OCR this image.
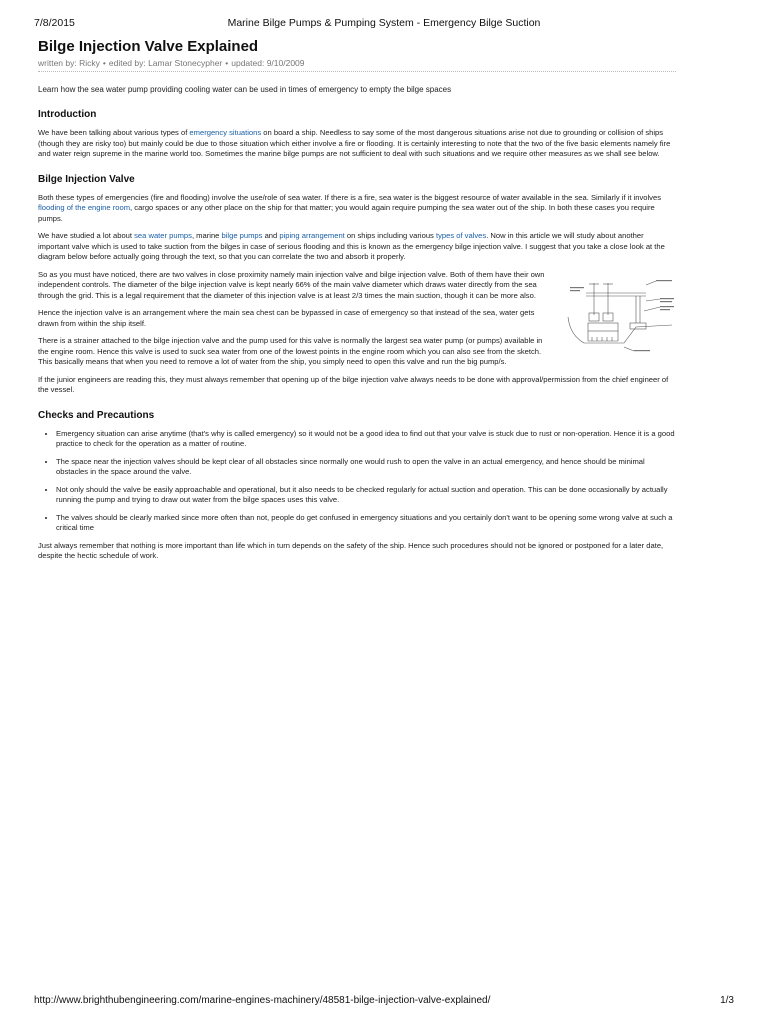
7/8/2015	Marine Bilge Pumps & Pumping System - Emergency Bilge Suction
Bilge Injection Valve Explained
written by: Ricky • edited by: Lamar Stonecypher • updated: 9/10/2009
Learn how the sea water pump providing cooling water can be used in times of emergency to empty the bilge spaces
Introduction

We have been talking about various types of emergency situations on board a ship. Needless to say some of the most dangerous situations arise not due to grounding or collision of ships (though they are risky too) but mainly could be due to those situation which either involve a fire or flooding. It is certainly interesting to note that the two of the five basic elements namely fire and water reign supreme in the marine world too. Sometimes the marine bilge pumps are not sufficient to deal with such situations and we require other measures as we shall see below.

Bilge Injection Valve

Both these types of emergencies (fire and flooding) involve the use/role of sea water. If there is a fire, sea water is the biggest resource of water available in the sea. Similarly if it involves flooding of the engine room, cargo spaces or any other place on the ship for that matter; you would again require pumping the sea water out of the ship. In both these cases you require pumps.

We have studied a lot about sea water pumps, marine bilge pumps and piping arrangement on ships including various types of valves. Now in this article we will study about another important valve which is used to take suction from the bilges in case of serious flooding and this is known as the emergency bilge injection valve. I suggest that you take a close look at the diagram below before actually going through the text, so that you can correlate the two and absorb it properly.

So as you must have noticed, there are two valves in close proximity namely main injection valve and bilge injection valve. Both of them have their own independent controls. The diameter of the bilge injection valve is kept nearly 66% of the main valve diameter which draws water directly from the sea through the grid. This is a legal requirement that the diameter of this injection valve is at least 2/3 times the main suction, though it can be more also.

Hence the injection valve is an arrangement where the main sea chest can be bypassed in case of emergency so that instead of the sea, water gets drawn from within the ship itself.

There is a strainer attached to the bilge injection valve and the pump used for this valve is normally the largest sea water pump (or pumps) available in the engine room. Hence this valve is used to suck sea water from one of the lowest points in the engine room which you can also see from the sketch. This basically means that when you need to remove a lot of water from the ship, you simply need to open this valve and run the big pump/s.

If the junior engineers are reading this, they must always remember that opening up of the bilge injection valve always needs to be done with approval/permission from the chief engineer of the vessel.

Checks and Precautions
• Emergency situation can arise anytime (that's why is called emergency) so it would not be a good idea to find out that your valve is stuck due to rust or non-operation. Hence it is a good practice to check for the operation as a matter of routine.
• The space near the injection valves should be kept clear of all obstacles since normally one would rush to open the valve in an actual emergency, and hence should be minimal obstacles in the space around the valve.
• Not only should the valve be easily approachable and operational, but it also needs to be checked regularly for actual suction and operation. This can be done occasionally by actually running the pump and trying to draw out water from the bilge spaces uses this valve.
• The valves should be clearly marked since more often than not, people do get confused in emergency situations and you certainly don't want to be opening some wrong valve at such a critical time

Just always remember that nothing is more important than life which in turn depends on the safety of the ship. Hence such procedures should not be ignored or postponed for a later date, despite the hectic schedule of work.

http://www.brighthubengineering.com/marine-engines-machinery/48581-bilge-injection-valve-explained/	1/3
